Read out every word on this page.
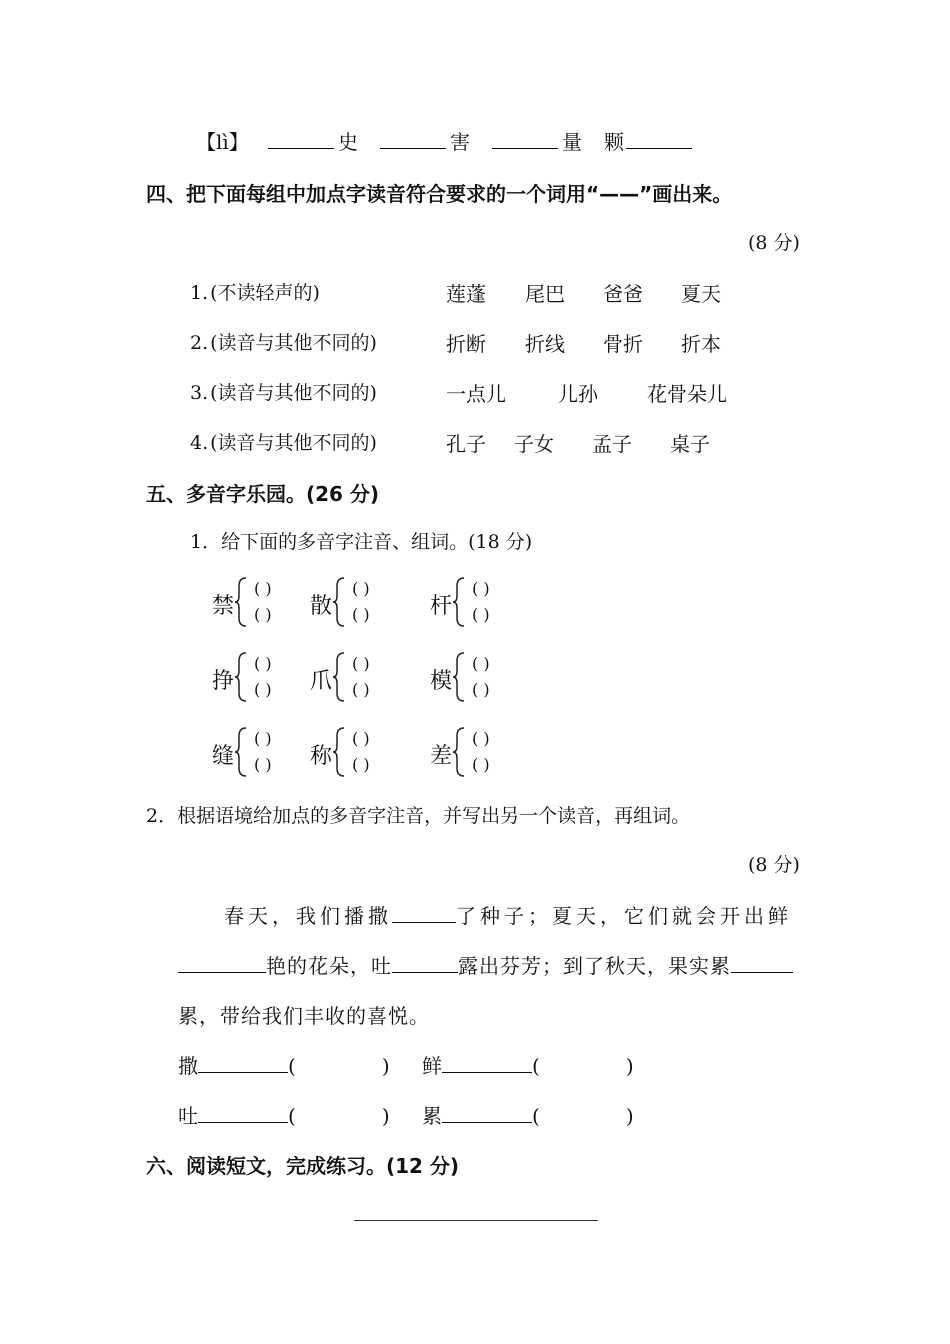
【lì】	史	害	量 颗
四、把下面每组中加点字读音符合要求的一个词用“——”画出来。
(8 分)
1. (不读轻声的)	莲蓬 尾巴 爸爸 夏天
2. (读音与其他不同的)	折断 折线 骨折 折本
3. (读音与其他不同的)	一点儿	儿孙 花骨朵儿
4. (读音与其他不同的)	孔子 子女 孟子 桌子
五、多音字乐园。(26 分)
1．给下面的多音字注音、组词。(18 分)
禁
( )
( ) 散
( )
( )	杆
( )
( )
挣
( )
( ) 爪
( )
( )	模
( )
( )
缝
( )
( ) 称
( )
( )	差
( )
( )
2．根据语境给加点的多音字注音，并写出另一个读音，再组词。
(8 分)
春天，我们播撒	了种子；夏天，它们就会开出鲜
艳的花朵，吐	露出芬芳；到了秋天，果实累
累，带给我们丰收的喜悦。
撒	(	) 鲜	(	)
吐	(	) 累	(	)
六、阅读短文，完成练习。(12 分)
